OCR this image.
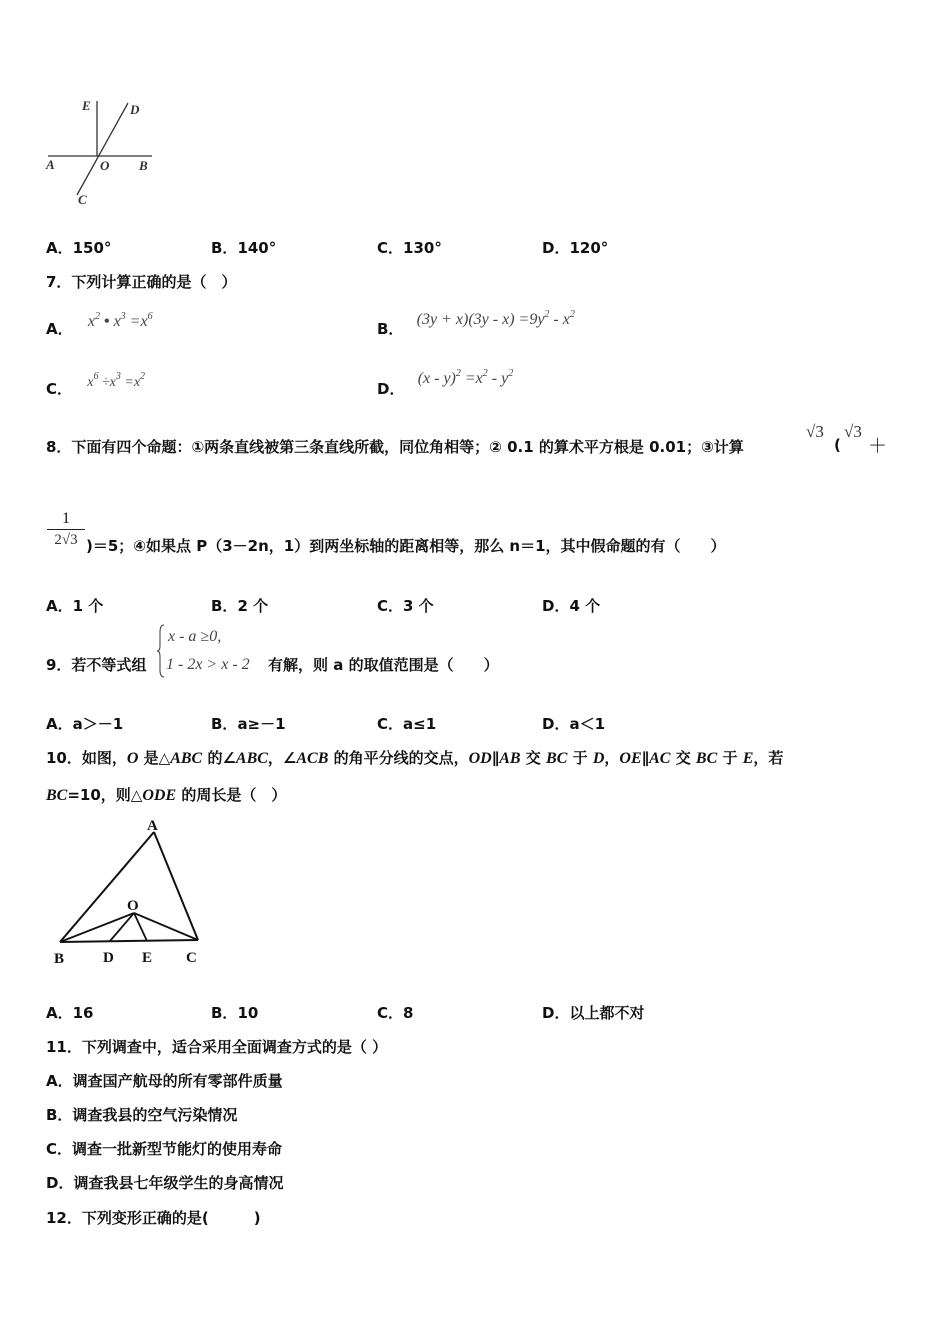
E	D
A	O B
C
A．150°	B．140°	C．130°	D．120°
7．下列计算正确的是（　）
A． $x^2$ • $x^3 =x^6$
B． $(3y + x)(3y - x) =9y^2 - x^2$
C． $x^6 \div x^3 =x^2$
D． $(x - y)^2 =x^2 - y^2$
8．下面有四个命题：①两条直线被第三条直线所截，同位角相等；② 0.1 的算术平方根是 0.01；③计算
√3
(
√3
＋
1
2√3 )＝5；④如果点 P（3－2n，1）到两坐标轴的距离相等，那么 n＝1，其中假命题的有（　　）
A．1 个	B．2 个	C．3 个	D．4 个
9．若不等式组
x - a ≥0,
1 - 2x > x - 2 有解，则 a 的取值范围是（　　）
A．a＞－1	B．a≥－1	C．a≤1	D．a＜1
10．如图，O 是△ABC 的∠ABC，∠ACB 的角平分线的交点，OD∥AB 交 BC 于 D，OE∥AC 交 BC 于 E，若
BC=10，则△ODE 的周长是（　）
A
O
B	D E C
A．16	B．10	C．8	D．以上都不对
11．下列调查中，适合采用全面调查方式的是（ ）
A．调查国产航母的所有零部件质量
B．调查我县的空气污染情况
C．调查一批新型节能灯的使用寿命
D．调查我县七年级学生的身高情况
12．下列变形正确的是(　　　)
